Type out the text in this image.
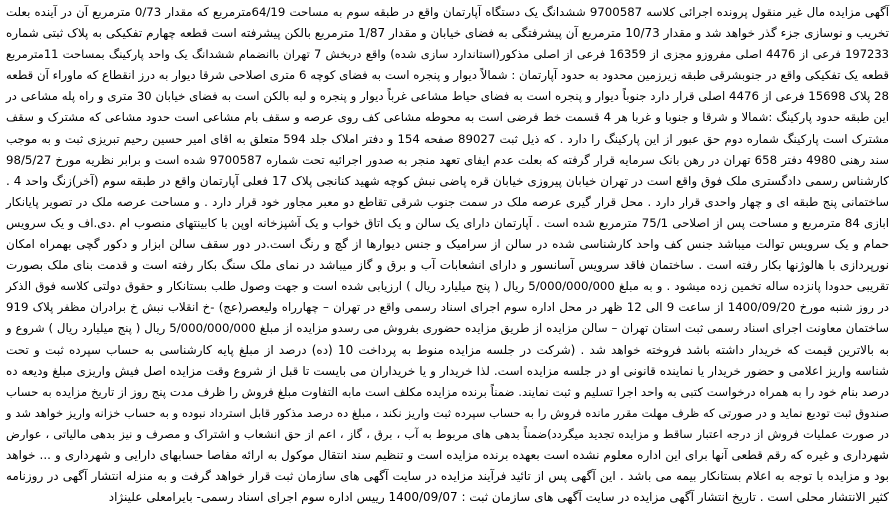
آگهی مزایده مال غیر منقول پرونده اجرائی کلاسه 9700587 ششدانگ یک دستگاه آپارتمان واقع در طبقه سوم به مساحت 64/19مترمربع که مقدار 0/73 مترمربع آن در آینده بعلت
تخریب و نوسازی جزء گذر خواهد شد و مقدار 10/73 مترمربع آن پیشرفتگی به فضای خیابان و مقدار 1/87 مترمربع بالکن پیشرفته است قطعه چهارم تفکیکی به پلاک ثبتی شماره
197233 فرعی از 4476 اصلی مفروزو مجزی از 16359 فرعی از اصلی مذکور(استاندارد سازی شده) واقع دربخش 7 تهران باانضمام ششدانگ یک واحد پارکینگ بمساحت 11مترمربع
قطعه یک تفکیکی واقع در جنوبشرقی طبقه زیرزمین محدود به حدود آپارتمان : شمالاً دیوار و پنجره است به فضای کوچه 6 متری اصلاحی شرقا دیوار به درز انقطاع که ماوراء آن قطعه
28 پلاک 15698 فرعی از 4476 اصلی قرار دارد جنوباً دیوار و پنجره است به فضای حیاط مشاعی غرباً دیوار و پنجره و لبه بالکن است به فضای خیابان 30 متری و راه پله مشاعی در
این طبقه حدود پارکینگ :شمالا و شرقا و جنوبا و غربا هر 4 قسمت خط فرضی است به محوطه مشاعی کف روی عرصه و سقف بام مشاعی است حدود مشاعی که مشترک و سقف
مشترک است پارکینگ شماره دوم حق عبور از این پارکینگ را دارد . که ذیل ثبت 89027 صفحه 154 و دفتر املاک جلد 594 متعلق به اقای امیر حسین رحیم تبریزی ثبت و به موجب
سند رهنی 4980 دفتر 658 تهران در رهن بانک سرمایه قرار گرفته که بعلت عدم ایفای تعهد منجر به صدور اجرائیه تحت شماره 9700587 شده است و برابر نظریه مورخ 98/5/27
کارشناس رسمی دادگستری ملک فوق واقع است در تهران خیابان پیروزی خیابان قره پاضی نبش کوچه شهید کنانجی پلاک 17 فعلی آپارتمان واقع در طبقه سوم (آخر)زنگ واحد 4 .
ساختمانی پنج طبقه ای و چهار واحدی قرار دارد . محل قرار گیری عرصه ملک در سمت جنوب شرقی تقاطع دو معبر مجاور خود قرار دارد . و مساحت عرصه ملک در تصویر پایانکار
ابازی 84 مترمربع و مساحت پس از اصلاحی 75/1 مترمربع شده است . آپارتمان دارای یک سالن و یک اتاق خواب و یک آشپزخانه اوپن با کابینتهای منصوب ام .دی.اف و یک سرویس
حمام و یک سرویس توالت میباشد جنس کف واحد کارشناسی شده در سالن از سرامیک و جنس دیوارها از گچ و رنگ است.در دور سقف سالن ابزار و دکور گچی بهمراه امکان
نورپردازی با هالوژنها بکار رفته است . ساختمان فاقد سرویس آسانسور و دارای انشعابات آب و برق و گاز میباشد در نمای ملک سنگ بکار رفته است و قدمت بنای ملک بصورت
تقریبی حدودا پانزده ساله تخمین زده میشود . و به مبلغ 5/000/000/000 ریال ( پنج میلیارد ریال ) ارزیابی شده است و جهت وصول طلب بستانکار و حقوق دولتی کلاسه فوق الذکر
در روز شنبه مورخ 1400/09/20 از ساعت 9 الی 12 ظهر در محل اداره سوم اجرای اسناد رسمی واقع در تهران – چهارراه ولیعصر(عج) -خ انقلاب نبش خ برادران مظفر پلاک 919
ساختمان معاونت اجرای اسناد رسمی ثبت استان تهران – سالن مزایده از طریق مزایده حضوری بفروش می رسدو مزایده از مبلغ 5/000/000/000 ریال ( پنج میلیارد ریال ) شروع و
به بالاترین قیمت که خریدار داشته باشد فروخته خواهد شد . (شرکت در جلسه مزایده منوط به پرداخت 10 (ده) درصد از مبلغ پایه کارشناسی به حساب سپرده ثبت و تحت
شناسه واریز اعلامی و حضور خریدار یا نماینده قانونی او در جلسه مزایده است. لذا خریدار و یا خریداران می بایست تا قبل از شروع وقت مزایده اصل فیش واریزی مبلغ ودیعه ده
درصد بنام خود را به همراه درخواست کتبی به واحد اجرا تسلیم و ثبت نمایند. ضمناً برنده مزایده مکلف است مابه التفاوت مبلغ فروش را ظرف مدت پنج روز از تاریخ مزایده به حساب
صندوق ثبت تودیع نماید و در صورتی که ظرف مهلت مقرر مانده فروش را به حساب سپرده ثبت واریز نکند ، مبلغ ده درصد مذکور قابل استرداد نبوده و به حساب خزانه واریز خواهد شد و
در صورت عملیات فروش از درجه اعتبار ساقط و مزایده تجدید میگردد)ضمناً بدهی های مربوط به آب ، برق ، گاز ، اعم از حق انشعاب و اشتراک و مصرف و نیز بدهی مالیاتی ، عوارض
شهرداری و غیره که رقم قطعی آنها برای این اداره معلوم نشده است بعهده برنده مزایده است و تنظیم سند انتقال موکول به ارائه مفاصا حسابهای دارایی و شهرداری و ... خواهد
بود و مزایده با توجه به اعلام بستانکار بیمه می باشد . این آگهی پس از تائید فرآیند مزایده در سایت آگهی های سازمان ثبت قرار خواهد گرفت و به منزله انتشار آگهی در روزنامه
کثیر الانتشار محلی است . تاریخ انتشار آگهی مزایده در سایت آگهی های سازمان ثبت : 1400/09/07 رییس اداره سوم اجرای اسناد رسمی- بایرامعلی علینژاد
